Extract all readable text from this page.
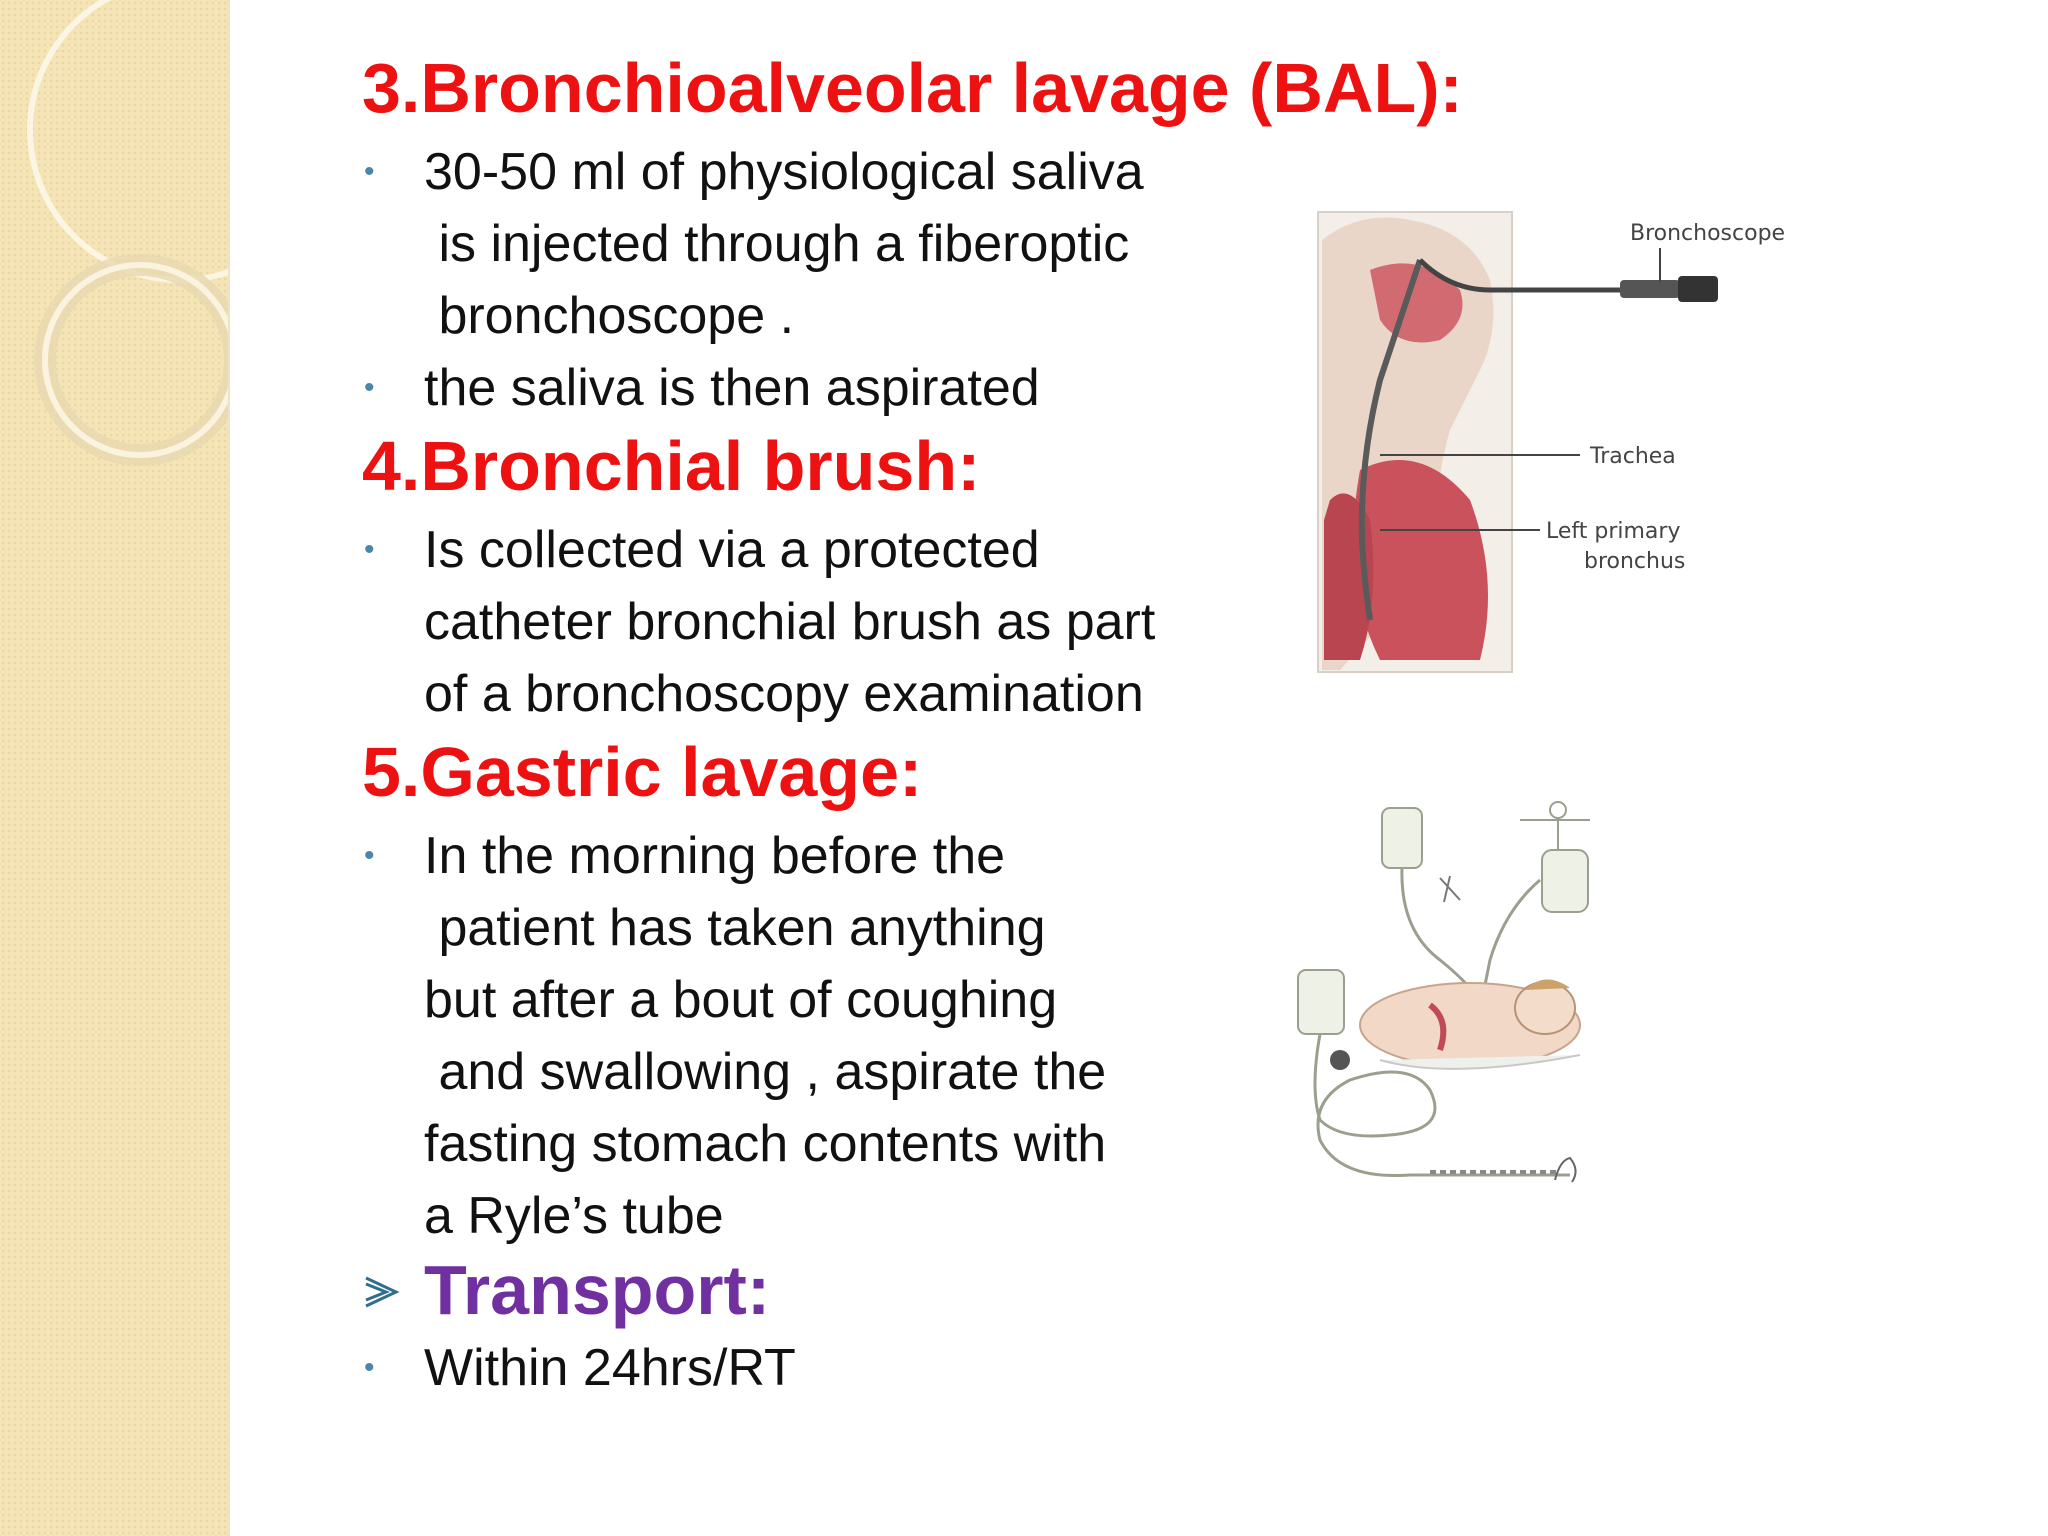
3.Bronchioalveolar lavage (BAL):
• 30-50 ml of physiological saliva
is injected through a fiberoptic
bronchoscope .
• the saliva is then aspirated
4.Bronchial brush:
• Is collected via a protected
catheter bronchial brush as part
of a bronchoscopy examination
5.Gastric lavage:
• In the morning before the
patient has taken anything
but after a bout of coughing
and swallowing , aspirate the
fasting stomach contents with
a Ryle’s tube
Transport:
• Within 24hrs/RT
Bronchoscope
Trachea
Left primary
bronchus
